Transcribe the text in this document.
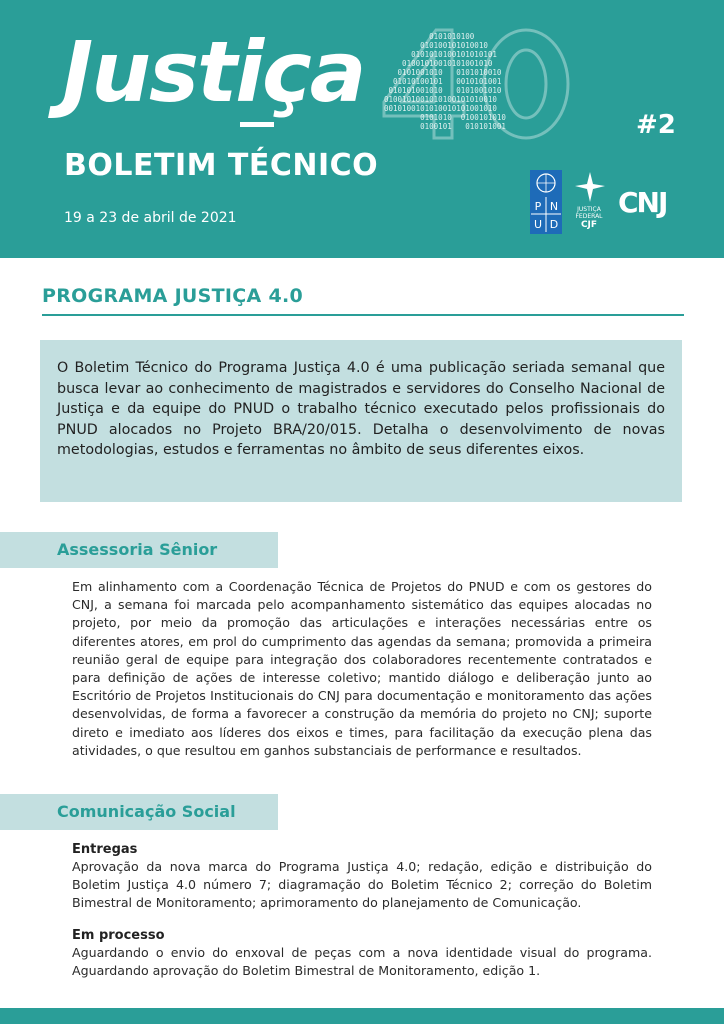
Justiça	0101010100
010100101010010
0101010100101010101
01001010010101001010
0101001010   0101010010
01010100101   0010101001
010101001010   0101001010
0100101001010100101010010
0010100101010010101001010
0101010  0100101010
0100101   010101001	#2
BOLETIM TÉCNICO
19 a 23 de abril de 2021
P N
U D
JUSTIÇA
FEDERAL
CJF
CNJ
PROGRAMA JUSTIÇA 4.0
O Boletim Técnico do Programa Justiça 4.0 é uma publicação seriada semanal que busca levar ao conhecimento de magistrados e servidores do Conselho Nacional de Justiça e da equipe do PNUD o trabalho técnico executado pelos profissionais do PNUD alocados no Projeto BRA/20/015. Detalha o desenvolvimento de novas metodologias, estudos e ferramentas no âmbito de seus diferentes eixos.
Assessoria Sênior
Em alinhamento com a Coordenação Técnica de Projetos do PNUD e com os gestores do CNJ, a semana foi marcada pelo acompanhamento sistemático das equipes alocadas no projeto, por meio da promoção das articulações e interações necessárias entre os diferentes atores, em prol do cumprimento das agendas da semana; promovida a primeira reunião geral de equipe para integração dos colaboradores recentemente contratados e para definição de ações de interesse coletivo; mantido diálogo e deliberação junto ao Escritório de Projetos Institucionais do CNJ para documentação e monitoramento das ações desenvolvidas, de forma a favorecer a construção da memória do projeto no CNJ; suporte direto e imediato aos líderes dos eixos e times, para facilitação da execução plena das atividades, o que resultou em ganhos substanciais de performance e resultados.
Comunicação Social
Entregas
Aprovação da nova marca do Programa Justiça 4.0; redação, edição e distribuição do Boletim Justiça 4.0 número 7; diagramação do Boletim Técnico 2; correção do Boletim Bimestral de Monitoramento; aprimoramento do planejamento de Comunicação.
Em processo
Aguardando o envio do enxoval de peças com a nova identidade visual do programa. Aguardando aprovação do Boletim Bimestral de Monitoramento, edição 1.
